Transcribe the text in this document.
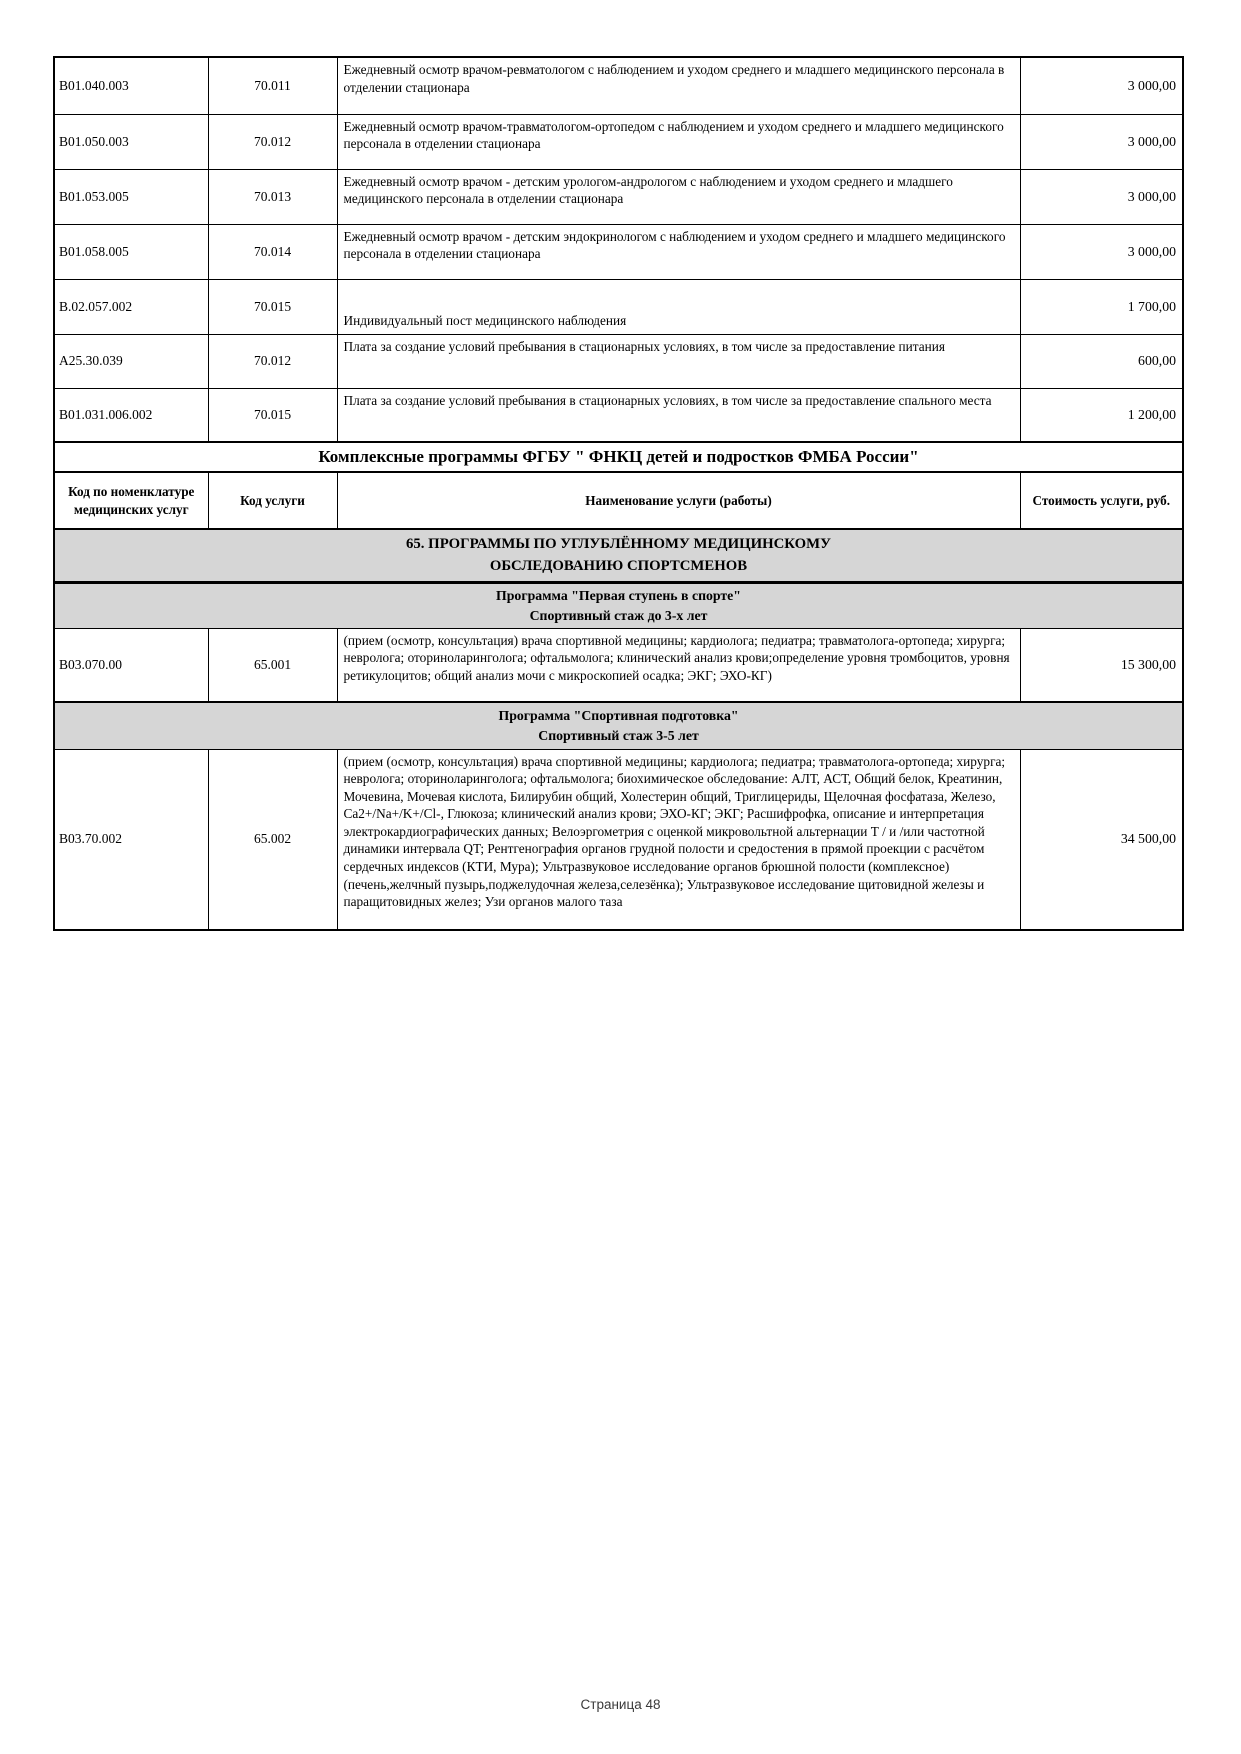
B01.040.003	70.011	Ежедневный осмотр врачом-ревматологом с наблюдением и уходом среднего и младшего медицинского персонала в отделении стационара	3 000,00
B01.050.003	70.012	Ежедневный осмотр врачом-травматологом-ортопедом с наблюдением и уходом среднего и младшего медицинского персонала в отделении стационара	3 000,00
B01.053.005	70.013	Ежедневный осмотр врачом - детским урологом-андрологом с наблюдением и уходом среднего и младшего медицинского персонала в отделении стационара	3 000,00
B01.058.005	70.014	Ежедневный осмотр врачом - детским эндокринологом с наблюдением и уходом среднего и младшего медицинского персонала в отделении стационара	3 000,00
B.02.057.002	70.015	Индивидуальный пост медицинского наблюдения	1 700,00
A25.30.039	70.012	Плата за создание условий пребывания в стационарных условиях, в том числе за предоставление питания	600,00
B01.031.006.002	70.015	Плата за создание условий пребывания в стационарных условиях, в том числе за предоставление спального места	1 200,00
Комплексные программы ФГБУ " ФНКЦ детей и подростков ФМБА России"			
Код по номенклатуре медицинских услуг	Код услуги	Наименование услуги (работы)	Стоимость услуги, руб.

65. ПРОГРАММЫ ПО УГЛУБЛЁННОМУ МЕДИЦИНСКОМУ
ОБСЛЕДОВАНИЮ СПОРТСМЕНОВ			

Программа "Первая ступень в спорте"
Спортивный стаж до 3-х лет			

B03.070.00	65.001	(прием (осмотр, консультация) врача спортивной медицины; кардиолога; педиатра; травматолога-ортопеда; хирурга; невролога; оториноларинголога; офтальмолога; клинический анализ крови;определение уровня тромбоцитов, уровня ретикулоцитов; общий анализ мочи с микроскопией осадка; ЭКГ; ЭХО-КГ)	15 300,00

Программа "Спортивная подготовка"
Спортивный стаж 3-5 лет			

B03.70.002	65.002	(прием (осмотр, консультация) врача спортивной медицины; кардиолога; педиатра; травматолога-ортопеда; хирурга; невролога; оториноларинголога; офтальмолога; биохимическое обследование: АЛТ, АСТ, Общий белок, Креатинин, Мочевина, Мочевая кислота, Билирубин общий, Холестерин общий, Триглицериды, Щелочная фосфатаза, Железо, Ca2+/Na+/K+/Cl-, Глюкоза; клинический анализ крови; ЭХО-КГ; ЭКГ; Расшифрофка, описание и интерпретация электрокардиографических данных; Велоэргометрия с оценкой микровольтной альтернации Т / и /или частотной динамики интервала QT; Рентгенография органов грудной полости и средостения в прямой проекции с расчётом сердечных индексов (КТИ, Мура); Ультразвуковое исследование органов брюшной полости (комплексное)(печень,желчный пузырь,поджелудочная железа,селезёнка); Ультразвуковое исследование щитовидной железы и паращитовидных желез; Узи органов малого таза	34 500,00
Страница 48
